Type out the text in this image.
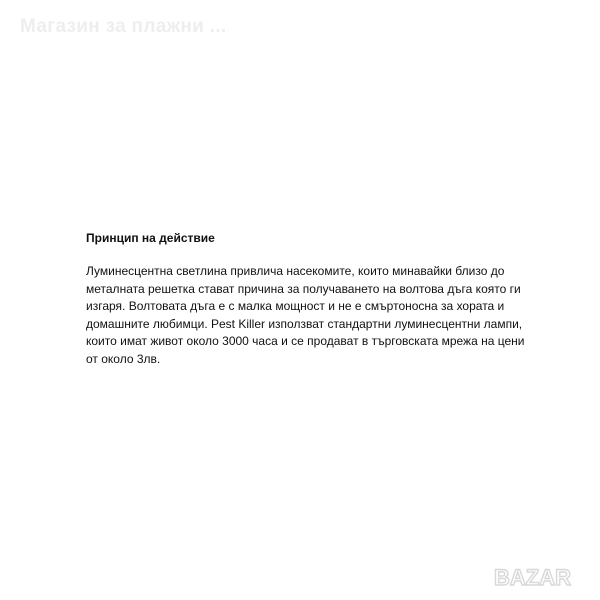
Магазин за плажни ...
Принцип на действие
Луминесцентна светлина привлича насекомите, които минавайки близо до
металната решетка стават причина за получаването на волтова дъга която ги
изгаря. Волтовата дъга е с малка мощност и не е смъртоносна за хората и
домашните любимци. Pest Killer използват стандартни луминесцентни лампи,
които имат живот около 3000 часа и се продават в търговската мрежа на цени
от около 3лв.
BAZAR
